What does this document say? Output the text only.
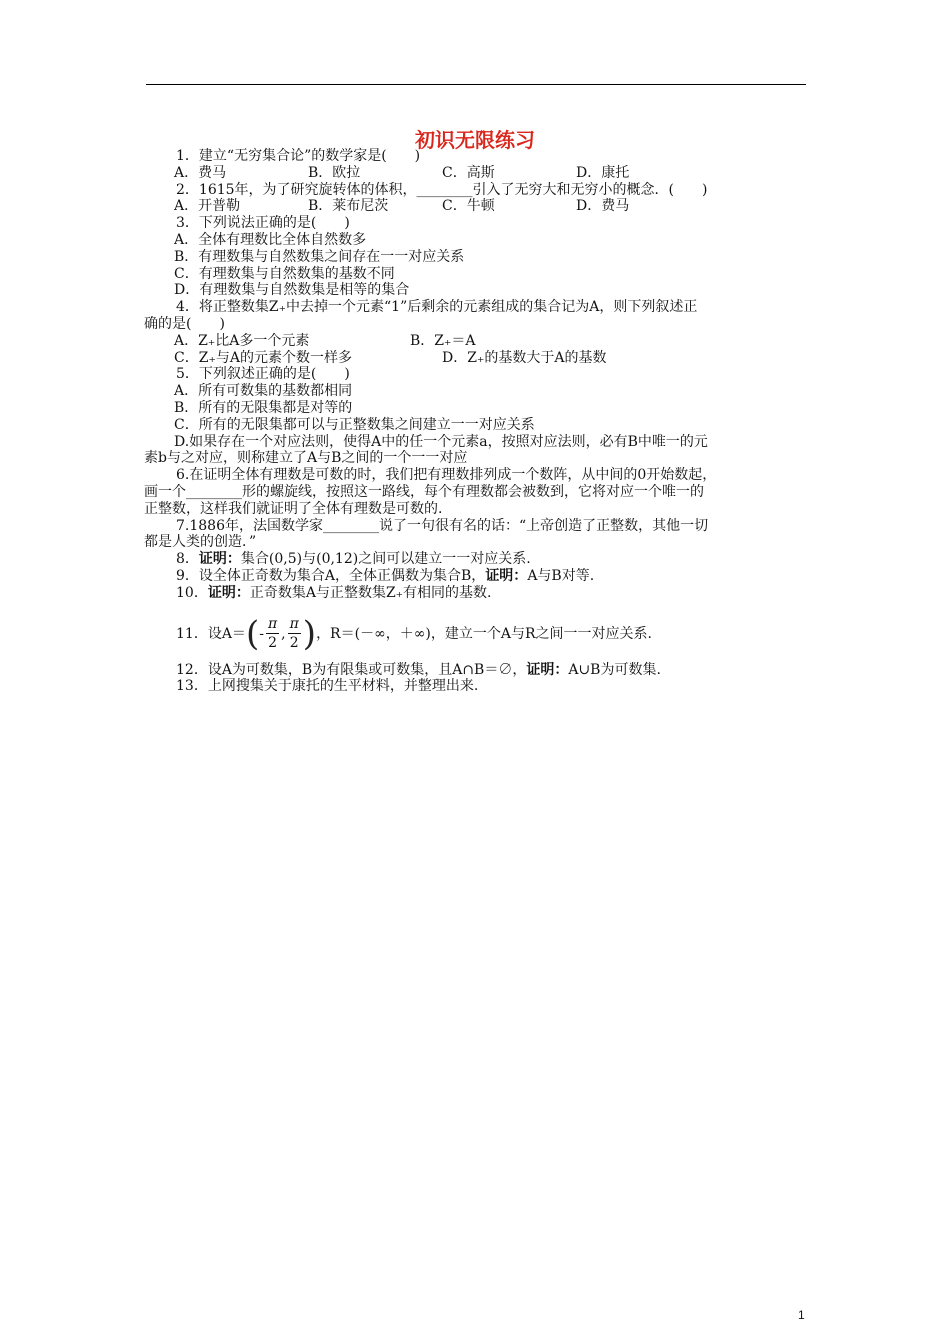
初识无限练习
1．建立“无穷集合论”的数学家是(　　)
A．费马	B．欧拉	C．高斯	D．康托
2．1615年，为了研究旋转体的体积，________引入了无穷大和无穷小的概念．(　　)
A．开普勒	B．莱布尼茨	C．牛顿	D．费马
3．下列说法正确的是(　　)
A．全体有理数比全体自然数多
B．有理数集与自然数集之间存在一一对应关系
C．有理数集与自然数集的基数不同
D．有理数集与自然数集是相等的集合
4．将正整数集Z₊中去掉一个元素“1”后剩余的元素组成的集合记为A，则下列叙述正
确的是(　　)
A．Z₊比A多一个元素	B．Z₊＝A
C．Z₊与A的元素个数一样多	D．Z₊的基数大于A的基数
5．下列叙述正确的是(　　)
A．所有可数集的基数都相同
B．所有的无限集都是对等的
C．所有的无限集都可以与正整数集之间建立一一对应关系
D.如果存在一个对应法则，使得A中的任一个元素a，按照对应法则，必有B中唯一的元
素b与之对应，则称建立了A与B之间的一个一一对应
6.在证明全体有理数是可数的时，我们把有理数排列成一个数阵，从中间的0开始数起，
画一个________形的螺旋线，按照这一路线，每个有理数都会被数到，它将对应一个唯一的
正整数，这样我们就证明了全体有理数是可数的.
7.1886年，法国数学家________说了一句很有名的话：“上帝创造了正整数，其他一切
都是人类的创造．”
8．证明：集合(0,5)与(0,12)之间可以建立一一对应关系.
9．设全体正奇数为集合A，全体正偶数为集合B，证明：A与B对等.
10．证明：正奇数集A与正整数集Z₊有相同的基数.
11．设A＝ ( - $\frac{\pi}{2}$ , $\frac{\pi}{2}$ ) ，R＝(－∞，＋∞)，建立一个A与R之间一一对应关系.
12．设A为可数集，B为有限集或可数集，且A∩B＝∅，证明：A∪B为可数集.
13．上网搜集关于康托的生平材料，并整理出来.
1
